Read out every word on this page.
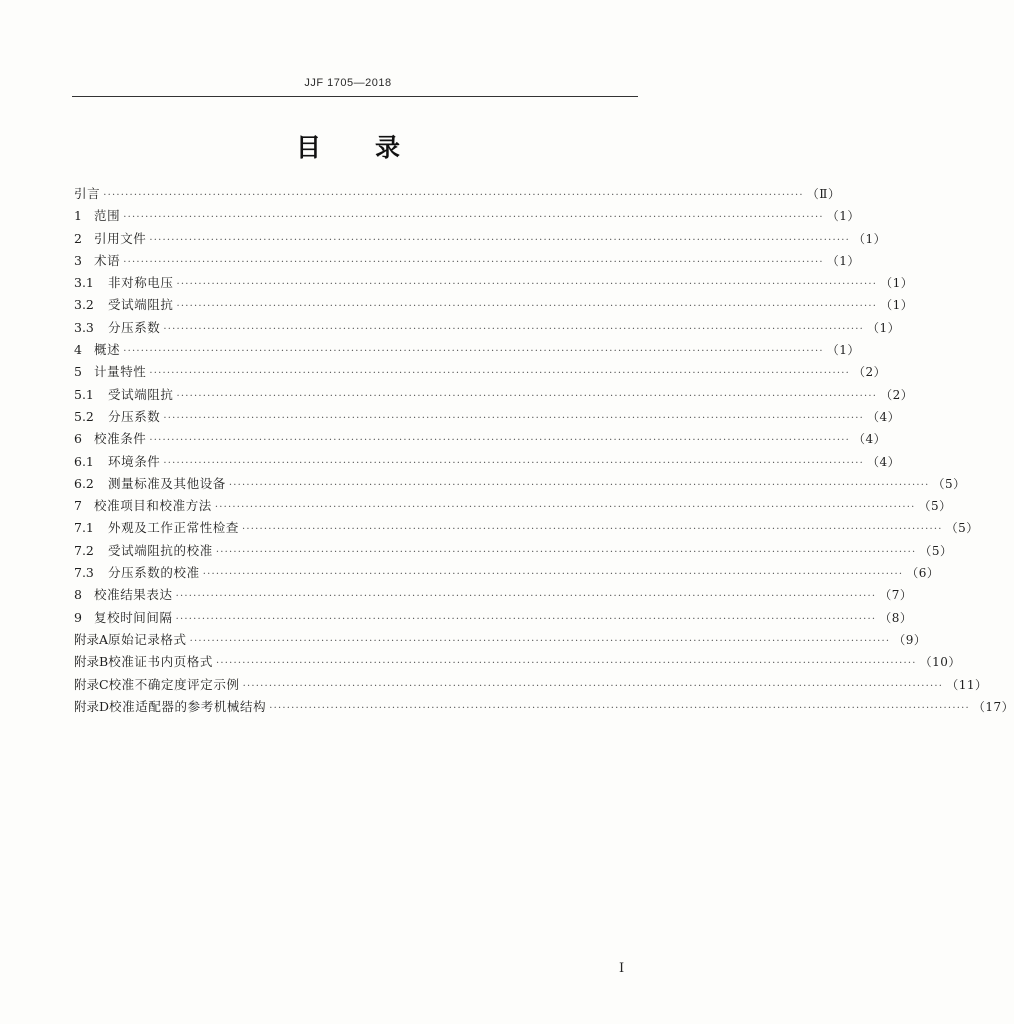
JJF 1705—2018
目录
引言 ································································································································································ （Ⅱ）
1 范围 ································································································································································ （1）
2 引用文件 ································································································································································ （1）
3 术语 ································································································································································ （1）
3.1 非对称电压 ································································································································································ （1）
3.2 受试端阻抗 ································································································································································ （1）
3.3 分压系数 ································································································································································ （1）
4 概述 ································································································································································ （1）
5 计量特性 ································································································································································ （2）
5.1 受试端阻抗 ································································································································································ （2）
5.2 分压系数 ································································································································································ （4）
6 校准条件 ································································································································································ （4）
6.1 环境条件 ································································································································································ （4）
6.2 测量标准及其他设备 ································································································································································ （5）
7 校准项目和校准方法 ································································································································································ （5）
7.1 外观及工作正常性检查 ································································································································································ （5）
7.2 受试端阻抗的校准 ································································································································································ （5）
7.3 分压系数的校准 ································································································································································ （6）
8 校准结果表达 ································································································································································ （7）
9 复校时间间隔 ································································································································································ （8）
附录A原始记录格式 ································································································································································ （9）
附录B校准证书内页格式 ································································································································································ （10）
附录C校准不确定度评定示例 ································································································································································ （11）
附录D校准适配器的参考机械结构 ································································································································································ （17）
I
